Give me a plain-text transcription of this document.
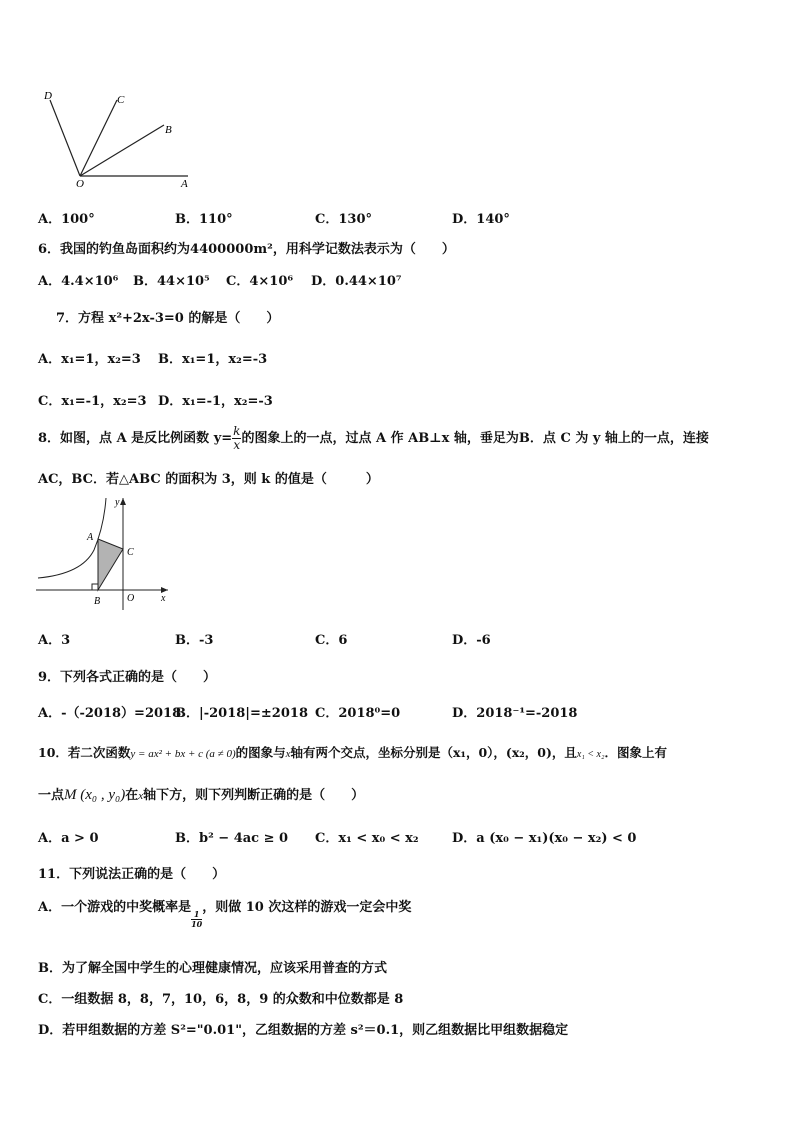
D	C
B
O	A
A．100°	B．110°	C．130°	D．140°
6．我国的钓鱼岛面积约为4400000m²，用科学记数法表示为（　　）
A．4.4×10⁶ B．44×10⁵ C．4×10⁶ D．0.44×10⁷
7．方程 x²+2x-3=0 的解是（　　）
A．x₁=1，x₂=3 B．x₁=1，x₂=-3
C．x₁=-1，x₂=3 D．x₁=-1，x₂=-3
8．如图，点 A 是反比例函数 $y= \frac{k}{x}$ 的图象上的一点，过点 A 作 AB⊥x 轴，垂足为B．点 C 为 y 轴上的一点，连接
AC，BC．若△ABC 的面积为 3，则 k 的值是（　　　）
y
A
C
B	O	x
A．3	B．-3	C．6	D．-6
9．下列各式正确的是（　　）
A．-（-2018）=2018
B．|-2018|=±2018 C．2018⁰=0	D．2018⁻¹=-2018
10．若二次函数y = ax² + bx + c (a ≠ 0)的图象与x轴有两个交点，坐标分别是（x₁，0），(x₂，0)，且x₁ < x₂．图象上有
一点M (x₀ , y₀)在x轴下方，则下列判断正确的是（　　）
A．a > 0	B．b² − 4ac ≥ 0 C．x₁ < x₀ < x₂	D．a (x₀ − x₁)(x₀ − x₂) < 0
11．下列说法正确的是（　　）
A．一个游戏的中奖概率是
$\frac{1}{10}$，则做 10 次这样的游戏一定会中奖
B．为了解全国中学生的心理健康情况，应该采用普查的方式
C．一组数据 8，8，7，10，6，8，9 的众数和中位数都是 8
D．若甲组数据的方差 S²="0.01"，乙组数据的方差 s²＝0.1，则乙组数据比甲组数据稳定
